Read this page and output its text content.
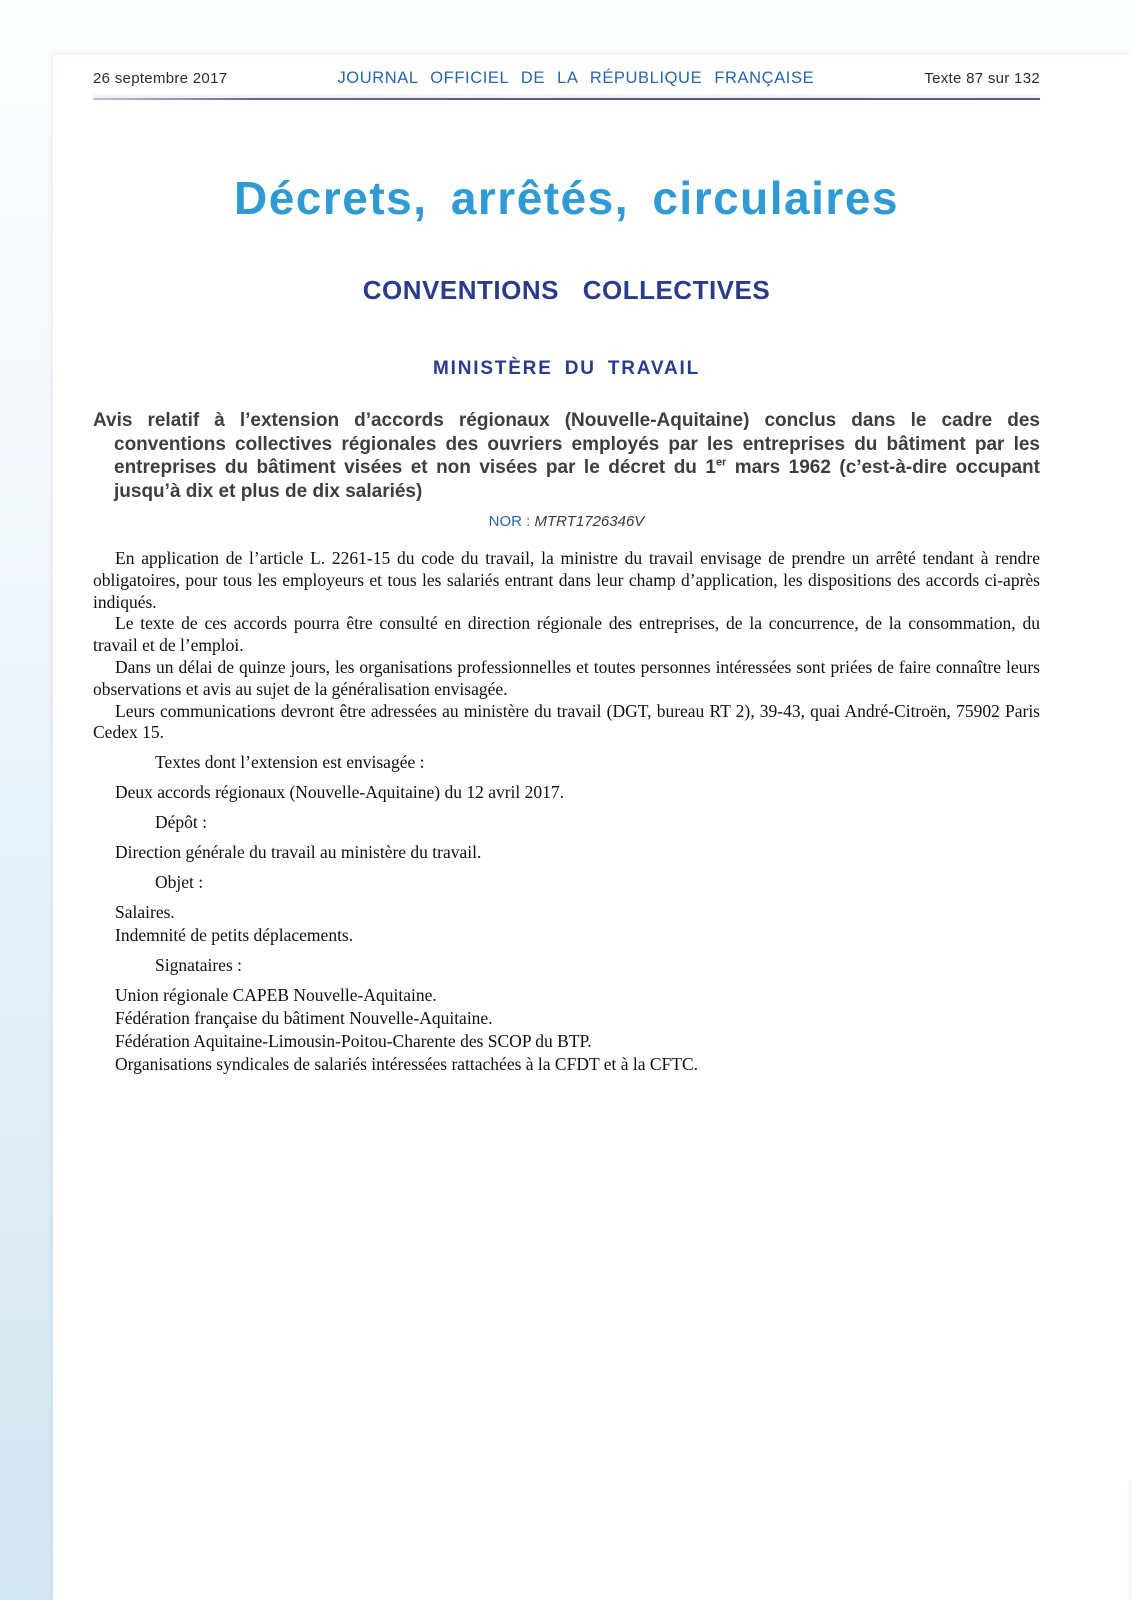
26 septembre 2017	JOURNAL OFFICIEL DE LA RÉPUBLIQUE FRANÇAISE	Texte 87 sur 132
Décrets, arrêtés, circulaires
CONVENTIONS COLLECTIVES
MINISTÈRE DU TRAVAIL

Avis relatif à l’extension d’accords régionaux (Nouvelle-Aquitaine) conclus dans le cadre des conventions collectives régionales des ouvriers employés par les entreprises du bâtiment par les entreprises du bâtiment visées et non visées par le décret du 1er mars 1962 (c’est-à-dire occupant jusqu’à dix et plus de dix salariés)

NOR : MTRT1726346V

En application de l’article L. 2261-15 du code du travail, la ministre du travail envisage de prendre un arrêté tendant à rendre obligatoires, pour tous les employeurs et tous les salariés entrant dans leur champ d’application, les dispositions des accords ci-après indiqués.

Le texte de ces accords pourra être consulté en direction régionale des entreprises, de la concurrence, de la consommation, du travail et de l’emploi.

Dans un délai de quinze jours, les organisations professionnelles et toutes personnes intéressées sont priées de faire connaître leurs observations et avis au sujet de la généralisation envisagée.

Leurs communications devront être adressées au ministère du travail (DGT, bureau RT 2), 39-43, quai André-Citroën, 75902 Paris Cedex 15.

Textes dont l’extension est envisagée :

Deux accords régionaux (Nouvelle-Aquitaine) du 12 avril 2017.

Dépôt :

Direction générale du travail au ministère du travail.

Objet :

Salaires.

Indemnité de petits déplacements.

Signataires :

Union régionale CAPEB Nouvelle-Aquitaine.

Fédération française du bâtiment Nouvelle-Aquitaine.

Fédération Aquitaine-Limousin-Poitou-Charente des SCOP du BTP.

Organisations syndicales de salariés intéressées rattachées à la CFDT et à la CFTC.
